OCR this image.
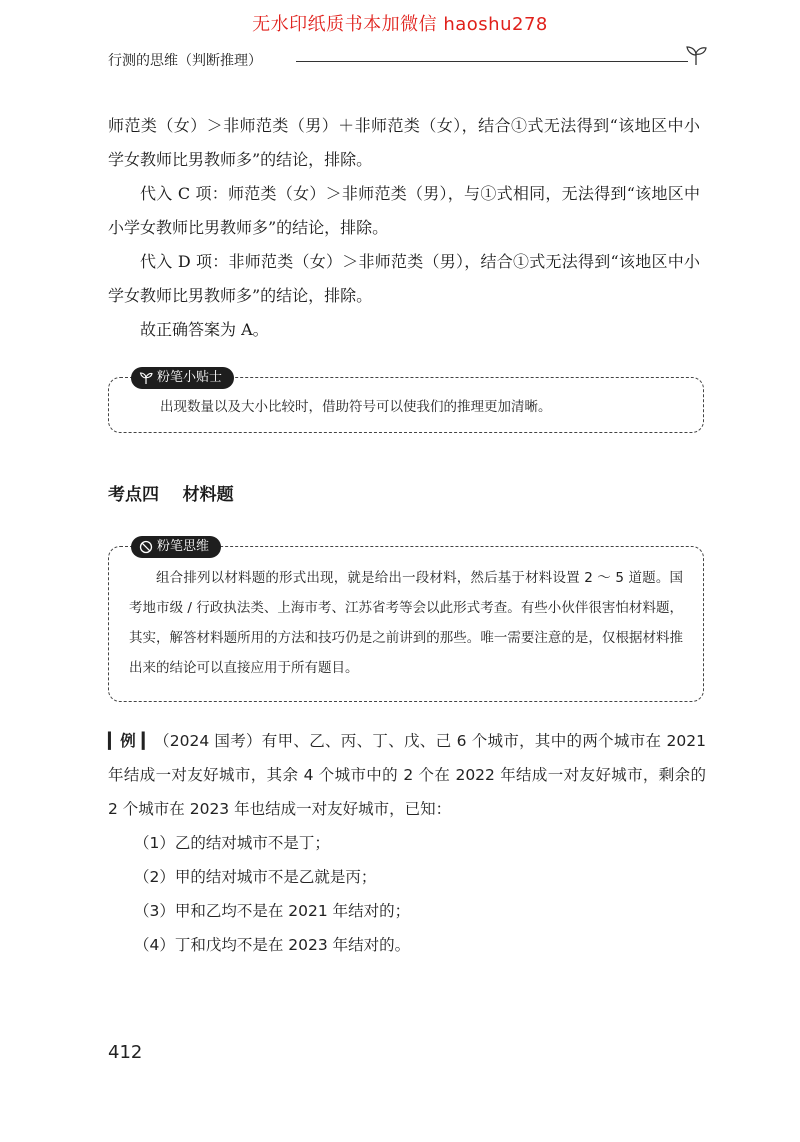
无水印纸质书本加微信 haoshu278
行测的思维（判断推理）

师范类（女）＞非师范类（男）＋非师范类（女），结合①式无法得到“该地区中小学女教师比男教师多”的结论，排除。

代入 C 项：师范类（女）＞非师范类（男），与①式相同，无法得到“该地区中小学女教师比男教师多”的结论，排除。

代入 D 项：非师范类（女）＞非师范类（男），结合①式无法得到“该地区中小学女教师比男教师多”的结论，排除。

故正确答案为 A。

粉笔小贴士

出现数量以及大小比较时，借助符号可以使我们的推理更加清晰。

考点四    材料题
粉笔思维

组合排列以材料题的形式出现，就是给出一段材料，然后基于材料设置 2 ～ 5 道题。国考地市级 / 行政执法类、上海市考、江苏省考等会以此形式考查。有些小伙伴很害怕材料题，其实，解答材料题所用的方法和技巧仍是之前讲到的那些。唯一需要注意的是，仅根据材料推出来的结论可以直接应用于所有题目。

▎例 ▎（2024 国考）有甲、乙、丙、丁、戊、己 6 个城市，其中的两个城市在 2021 年结成一对友好城市，其余 4 个城市中的 2 个在 2022 年结成一对友好城市，剩余的 2 个城市在 2023 年也结成一对友好城市，已知：

（1）乙的结对城市不是丁；

（2）甲的结对城市不是乙就是丙；

（3）甲和乙均不是在 2021 年结对的；

（4）丁和戊均不是在 2023 年结对的。

412
